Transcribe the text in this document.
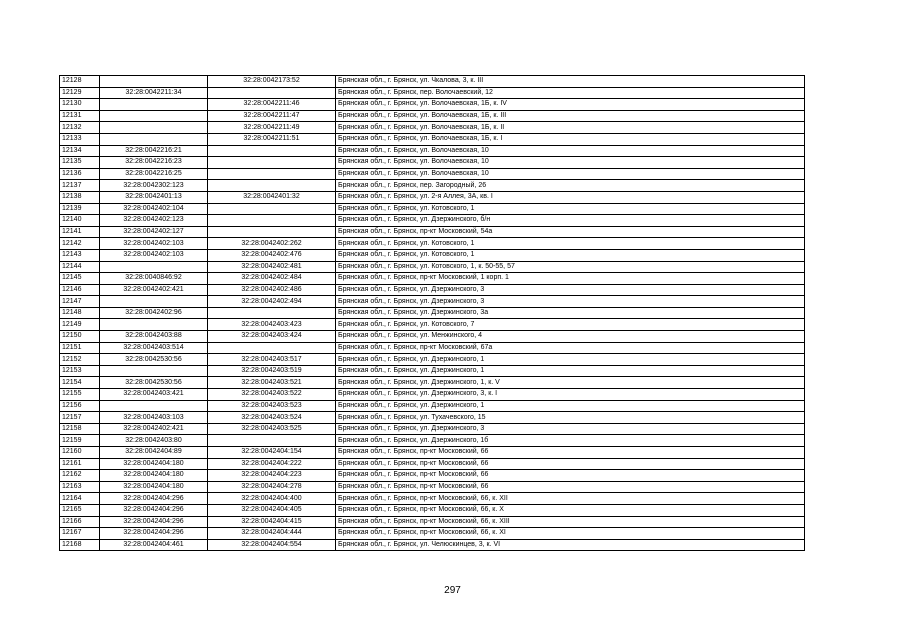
12128		32:28:0042173:52	Брянская обл., г. Брянск, ул. Чкалова, 3, к. III
12129	32:28:0042211:34		Брянская обл., г. Брянск, пер. Волочаевский, 12
12130		32:28:0042211:46	Брянская обл., г. Брянск, ул. Волочаевская, 1Б, к. IV
12131		32:28:0042211:47	Брянская обл., г. Брянск, ул. Волочаевская, 1Б, к. III
12132		32:28:0042211:49	Брянская обл., г. Брянск, ул. Волочаевская, 1Б, к. II
12133		32:28:0042211:51	Брянская обл., г. Брянск, ул. Волочаевская, 1Б, к. I
12134	32:28:0042216:21		Брянская обл., г. Брянск, ул. Волочаевская, 10
12135	32:28:0042216:23		Брянская обл., г. Брянск, ул. Волочаевская, 10
12136	32:28:0042216:25		Брянская обл., г. Брянск, ул. Волочаевская, 10
12137	32:28:0042302:123		Брянская обл., г. Брянск, пер. Загородный, 26
12138	32:28:0042401:13	32:28:0042401:32	Брянская обл., г. Брянск, ул. 2-я Аллея, 3А, кв. I
12139	32:28:0042402:104		Брянская обл., г. Брянск, ул. Котовского, 1
12140	32:28:0042402:123		Брянская обл., г. Брянск, ул. Дзержинского, б/н
12141	32:28:0042402:127		Брянская обл., г. Брянск, пр-кт Московский, 54а
12142	32:28:0042402:103	32:28:0042402:262	Брянская обл., г. Брянск, ул. Котовского, 1
12143	32:28:0042402:103	32:28:0042402:476	Брянская обл., г. Брянск, ул. Котовского, 1
12144		32:28:0042402:481	Брянская обл., г. Брянск, ул. Котовского, 1, к. 50-55, 57
12145	32:28:0040846:92	32:28:0042402:484	Брянская обл., г. Брянск, пр-кт Московский, 1 корп. 1
12146	32:28:0042402:421	32:28:0042402:486	Брянская обл., г. Брянск, ул. Дзержинского, 3
12147		32:28:0042402:494	Брянская обл., г. Брянск, ул. Дзержинского, 3
12148	32:28:0042402:96		Брянская обл., г. Брянск, ул. Дзержинского, 3а
12149		32:28:0042403:423	Брянская обл., г. Брянск, ул. Котовского, 7
12150	32:28:0042403:88	32:28:0042403:424	Брянская обл., г. Брянск, ул. Менжинского, 4
12151	32:28:0042403:514		Брянская обл., г. Брянск, пр-кт Московский, 67а
12152	32:28:0042530:56	32:28:0042403:517	Брянская обл., г. Брянск, ул. Дзержинского, 1
12153		32:28:0042403:519	Брянская обл., г. Брянск, ул. Дзержинского, 1
12154	32:28:0042530:56	32:28:0042403:521	Брянская обл., г. Брянск, ул. Дзержинского, 1, к. V
12155	32:28:0042403:421	32:28:0042403:522	Брянская обл., г. Брянск, ул. Дзержинского, 3, к. I
12156		32:28:0042403:523	Брянская обл., г. Брянск, ул. Дзержинского, 1
12157	32:28:0042403:103	32:28:0042403:524	Брянская обл., г. Брянск, ул. Тухачевского, 15
12158	32:28:0042402:421	32:28:0042403:525	Брянская обл., г. Брянск, ул. Дзержинского, 3
12159	32:28:0042403:80		Брянская обл., г. Брянск, ул. Дзержинского, 1б
12160	32:28:0042404:89	32:28:0042404:154	Брянская обл., г. Брянск, пр-кт Московский, 66
12161	32:28:0042404:180	32:28:0042404:222	Брянская обл., г. Брянск, пр-кт Московский, 66
12162	32:28:0042404:180	32:28:0042404:223	Брянская обл., г. Брянск, пр-кт Московский, 66
12163	32:28:0042404:180	32:28:0042404:278	Брянская обл., г. Брянск, пр-кт Московский, 66
12164	32:28:0042404:296	32:28:0042404:400	Брянская обл., г. Брянск, пр-кт Московский, 66, к. XII
12165	32:28:0042404:296	32:28:0042404:405	Брянская обл., г. Брянск, пр-кт Московский, 66, к. X
12166	32:28:0042404:296	32:28:0042404:415	Брянская обл., г. Брянск, пр-кт Московский, 66, к. XIII
12167	32:28:0042404:296	32:28:0042404:444	Брянская обл., г. Брянск, пр-кт Московский, 66, к. XI
12168	32:28:0042404:461	32:28:0042404:554	Брянская обл., г. Брянск, ул. Челюскинцев, 3, к. VI
297
